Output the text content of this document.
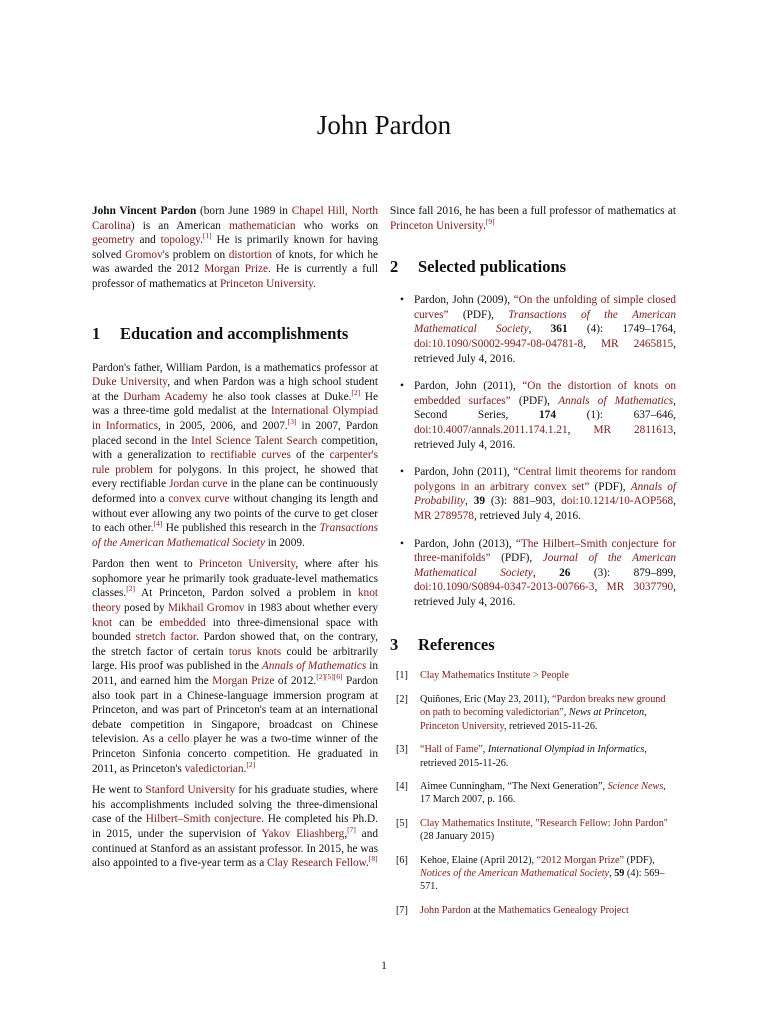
John Pardon

John Vincent Pardon (born June 1989 in Chapel Hill, North Carolina) is an American mathematician who works on geometry and topology.[1] He is primarily known for having solved Gromov's problem on distortion of knots, for which he was awarded the 2012 Morgan Prize. He is currently a full professor of mathematics at Princeton University.

1 Education and accomplishments

Pardon's father, William Pardon, is a mathematics professor at Duke University, and when Pardon was a high school student at the Durham Academy he also took classes at Duke.[2] He was a three-time gold medalist at the International Olympiad in Informatics, in 2005, 2006, and 2007.[3] in 2007, Pardon placed second in the Intel Science Talent Search competition, with a generalization to rectifiable curves of the carpenter's rule problem for polygons. In this project, he showed that every rectifiable Jordan curve in the plane can be continuously deformed into a convex curve without changing its length and without ever allowing any two points of the curve to get closer to each other.[4] He published this research in the Transactions of the American Mathematical Society in 2009.

Pardon then went to Princeton University, where after his sophomore year he primarily took graduate-level mathematics classes.[2] At Princeton, Pardon solved a problem in knot theory posed by Mikhail Gromov in 1983 about whether every knot can be embedded into three-dimensional space with bounded stretch factor. Pardon showed that, on the contrary, the stretch factor of certain torus knots could be arbitrarily large. His proof was published in the Annals of Mathematics in 2011, and earned him the Morgan Prize of 2012.[2][5][6] Pardon also took part in a Chinese-language immersion program at Princeton, and was part of Princeton's team at an international debate competition in Singapore, broadcast on Chinese television. As a cello player he was a two-time winner of the Princeton Sinfonia concerto competition. He graduated in 2011, as Princeton's valedictorian.[2]

He went to Stanford University for his graduate studies, where his accomplishments included solving the three-dimensional case of the Hilbert–Smith conjecture. He completed his Ph.D. in 2015, under the supervision of Yakov Eliashberg,[7] and continued at Stanford as an assistant professor. In 2015, he was also appointed to a five-year term as a Clay Research Fellow.[8]

Since fall 2016, he has been a full professor of mathematics at Princeton University.[9]

2 Selected publications
• Pardon, John (2009), “On the unfolding of simple closed curves” (PDF), Transactions of the American Mathematical Society, 361 (4): 1749–1764, doi:10.1090/S0002-9947-08-04781-8, MR 2465815, retrieved July 4, 2016.
• Pardon, John (2011), “On the distortion of knots on embedded surfaces” (PDF), Annals of Mathematics, Second Series, 174 (1): 637–646, doi:10.4007/annals.2011.174.1.21, MR 2811613, retrieved July 4, 2016.
• Pardon, John (2011), “Central limit theorems for random polygons in an arbitrary convex set” (PDF), Annals of Probability, 39 (3): 881–903, doi:10.1214/10-AOP568, MR 2789578, retrieved July 4, 2016.
• Pardon, John (2013), “The Hilbert–Smith conjecture for three-manifolds” (PDF), Journal of the American Mathematical Society, 26 (3): 879–899, doi:10.1090/S0894-0347-2013-00766-3, MR 3037790, retrieved July 4, 2016.
3 References
[1] Clay Mathematics Institute > People
[2] Quiñones, Eric (May 23, 2011), “Pardon breaks new ground on path to becoming valedictorian”, News at Princeton, Princeton University, retrieved 2015-11-26.
[3] “Hall of Fame”, International Olympiad in Informatics, retrieved 2015-11-26.
[4] Aimee Cunningham, “The Next Generation”, Science News, 17 March 2007, p. 166.
[5] Clay Mathematics Institute, "Research Fellow: John Pardon" (28 January 2015)
[6] Kehoe, Elaine (April 2012), “2012 Morgan Prize” (PDF), Notices of the American Mathematical Society, 59 (4): 569–571.
[7] John Pardon at the Mathematics Genealogy Project
1
